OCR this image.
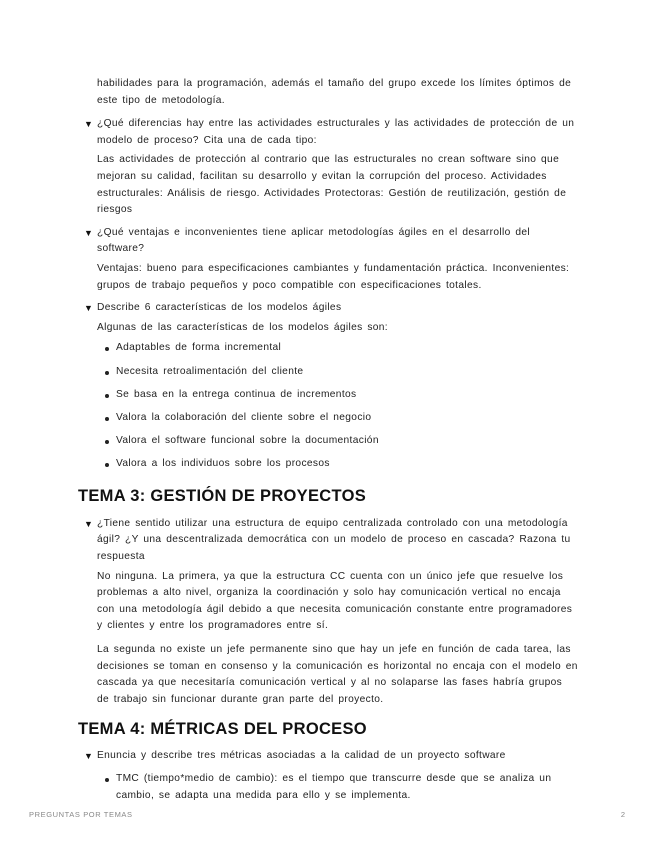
habilidades para la programación, además el tamaño del grupo excede los límites óptimos de este tipo de metodología.

▼ ¿Qué diferencias hay entre las actividades estructurales y las actividades de protección de un modelo de proceso? Cita una de cada tipo:

Las actividades de protección al contrario que las estructurales no crean software sino que mejoran su calidad, facilitan su desarrollo y evitan la corrupción del proceso. Actividades estructurales: Análisis de riesgo. Actividades Protectoras: Gestión de reutilización, gestión de riesgos

▼ ¿Qué ventajas e inconvenientes tiene aplicar metodologías ágiles en el desarrollo del software?

Ventajas: bueno para especificaciones cambiantes y fundamentación práctica. Inconvenientes: grupos de trabajo pequeños y poco compatible con especificaciones totales.

▼ Describe 6 características de los modelos ágiles

Algunas de las características de los modelos ágiles son:

Adaptables de forma incremental
Necesita retroalimentación del cliente
Se basa en la entrega continua de incrementos
Valora la colaboración del cliente sobre el negocio
Valora el software funcional sobre la documentación
Valora a los individuos sobre los procesos
TEMA 3: GESTIÓN DE PROYECTOS
▼ ¿Tiene sentido utilizar una estructura de equipo centralizada controlado con una metodología ágil? ¿Y una descentralizada democrática con un modelo de proceso en cascada? Razona tu respuesta

No ninguna. La primera, ya que la estructura CC cuenta con un único jefe que resuelve los problemas a alto nivel, organiza la coordinación y solo hay comunicación vertical no encaja con una metodología ágil debido a que necesita comunicación constante entre programadores y clientes y entre los programadores entre sí.

La segunda no existe un jefe permanente sino que hay un jefe en función de cada tarea, las decisiones se toman en consenso y la comunicación es horizontal no encaja con el modelo en cascada ya que necesitaría comunicación vertical y al no solaparse las fases habría grupos de trabajo sin funcionar durante gran parte del proyecto.

TEMA 4: MÉTRICAS DEL PROCESO
▼ Enuncia y describe tres métricas asociadas a la calidad de un proyecto software

TMC (tiempo*medio de cambio): es el tiempo que transcurre desde que se analiza un cambio, se adapta una medida para ello y se implementa.
PREGUNTAS POR TEMAS	2
